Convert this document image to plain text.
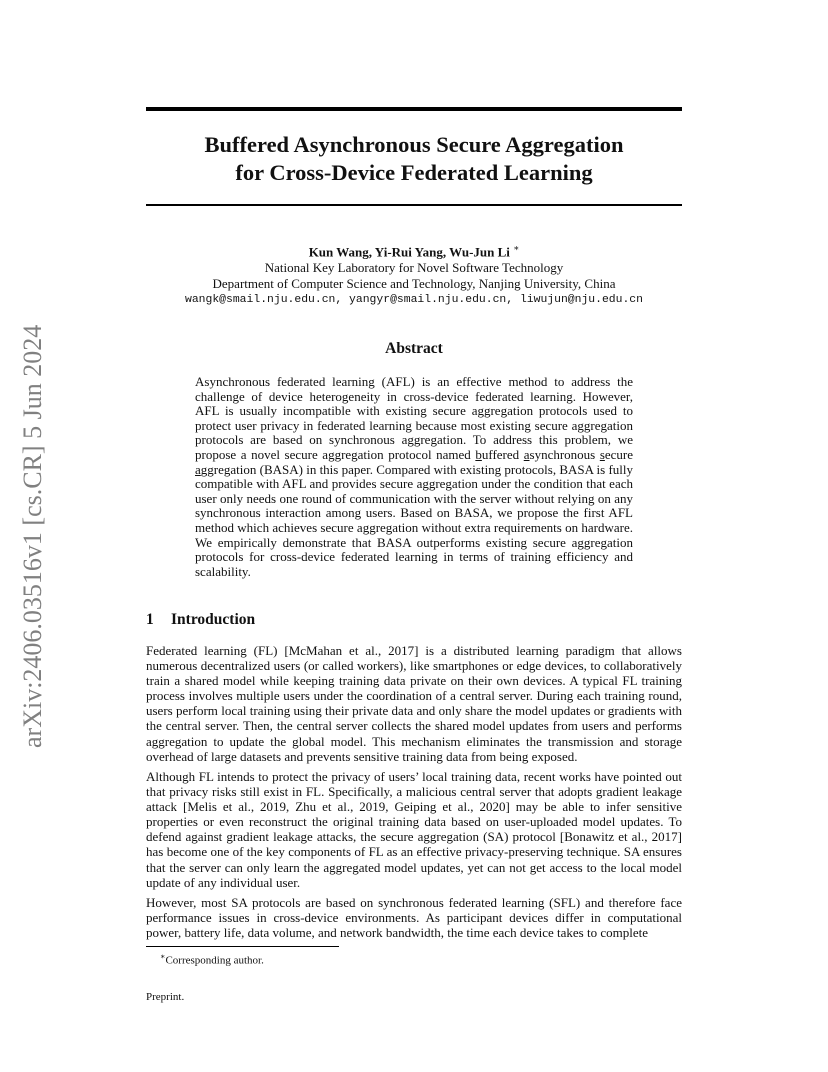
arXiv:2406.03516v1 [cs.CR] 5 Jun 2024
Buffered Asynchronous Secure Aggregation
for Cross-Device Federated Learning
Kun Wang, Yi-Rui Yang, Wu-Jun Li ∗
National Key Laboratory for Novel Software Technology
Department of Computer Science and Technology, Nanjing University, China
wangk@smail.nju.edu.cn, yangyr@smail.nju.edu.cn, liwujun@nju.edu.cn
Abstract

Asynchronous federated learning (AFL) is an effective method to address the challenge of device heterogeneity in cross-device federated learning. However, AFL is usually incompatible with existing secure aggregation protocols used to protect user privacy in federated learning because most existing secure aggregation protocols are based on synchronous aggregation. To address this problem, we propose a novel secure aggregation protocol named buffered asynchronous secure aggregation (BASA) in this paper. Compared with existing protocols, BASA is fully compatible with AFL and provides secure aggregation under the condition that each user only needs one round of communication with the server without relying on any synchronous interaction among users. Based on BASA, we propose the first AFL method which achieves secure aggregation without extra requirements on hardware. We empirically demonstrate that BASA outperforms existing secure aggregation protocols for cross-device federated learning in terms of training efficiency and scalability.

1 Introduction

Federated learning (FL) [McMahan et al., 2017] is a distributed learning paradigm that allows numerous decentralized users (or called workers), like smartphones or edge devices, to collaboratively train a shared model while keeping training data private on their own devices. A typical FL training process involves multiple users under the coordination of a central server. During each training round, users perform local training using their private data and only share the model updates or gradients with the central server. Then, the central server collects the shared model updates from users and performs aggregation to update the global model. This mechanism eliminates the transmission and storage overhead of large datasets and prevents sensitive training data from being exposed.

Although FL intends to protect the privacy of users’ local training data, recent works have pointed out that privacy risks still exist in FL. Specifically, a malicious central server that adopts gradient leakage attack [Melis et al., 2019, Zhu et al., 2019, Geiping et al., 2020] may be able to infer sensitive properties or even reconstruct the original training data based on user-uploaded model updates. To defend against gradient leakage attacks, the secure aggregation (SA) protocol [Bonawitz et al., 2017] has become one of the key components of FL as an effective privacy-preserving technique. SA ensures that the server can only learn the aggregated model updates, yet can not get access to the local model update of any individual user.

However, most SA protocols are based on synchronous federated learning (SFL) and therefore face performance issues in cross-device environments. As participant devices differ in computational power, battery life, data volume, and network bandwidth, the time each device takes to complete

∗Corresponding author.
Preprint.
